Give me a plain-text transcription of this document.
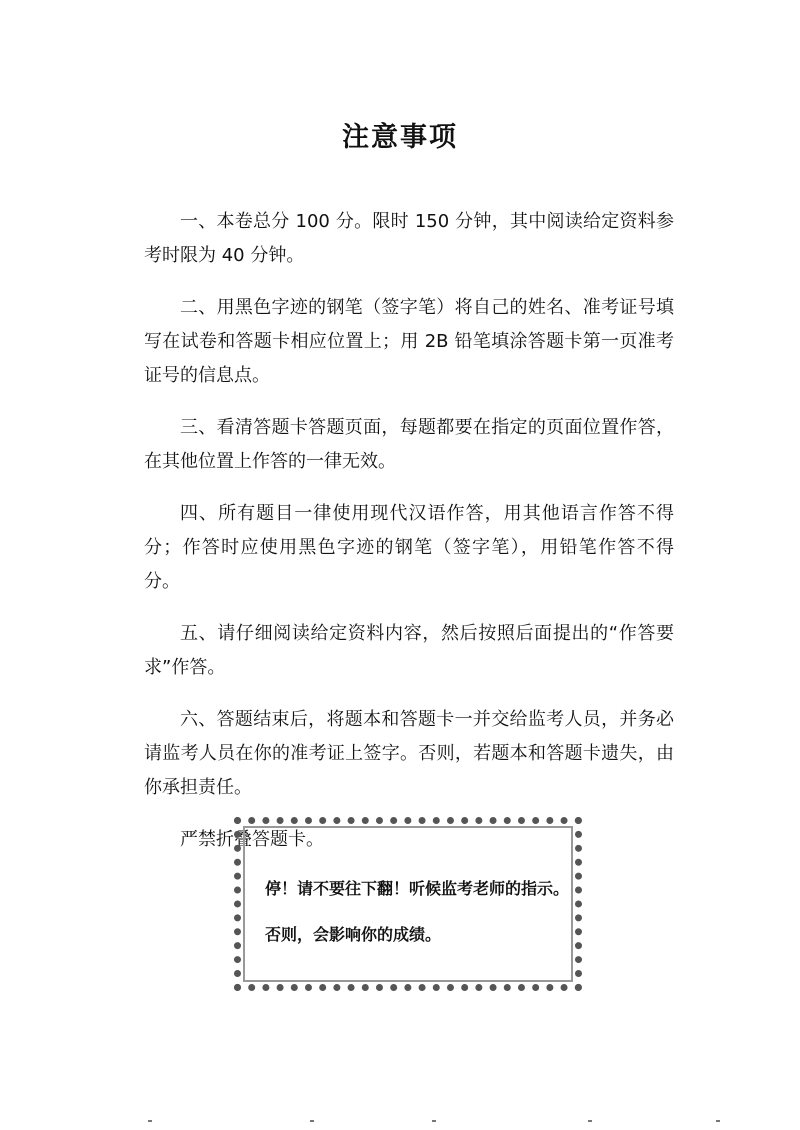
注意事项

一、本卷总分 100 分。限时 150 分钟，其中阅读给定资料参考时限为 40 分钟。

二、用黑色字迹的钢笔（签字笔）将自己的姓名、准考证号填写在试卷和答题卡相应位置上；用 2B 铅笔填涂答题卡第一页准考证号的信息点。

三、看清答题卡答题页面，每题都要在指定的页面位置作答，在其他位置上作答的一律无效。

四、所有题目一律使用现代汉语作答，用其他语言作答不得分；作答时应使用黑色字迹的钢笔（签字笔），用铅笔作答不得分。

五、请仔细阅读给定资料内容，然后按照后面提出的“作答要求”作答。

六、答题结束后，将题本和答题卡一并交给监考人员，并务必请监考人员在你的准考证上签字。否则，若题本和答题卡遗失，由你承担责任。

严禁折叠答题卡。

停！请不要往下翻！听候监考老师的指示。

否则，会影响你的成绩。
